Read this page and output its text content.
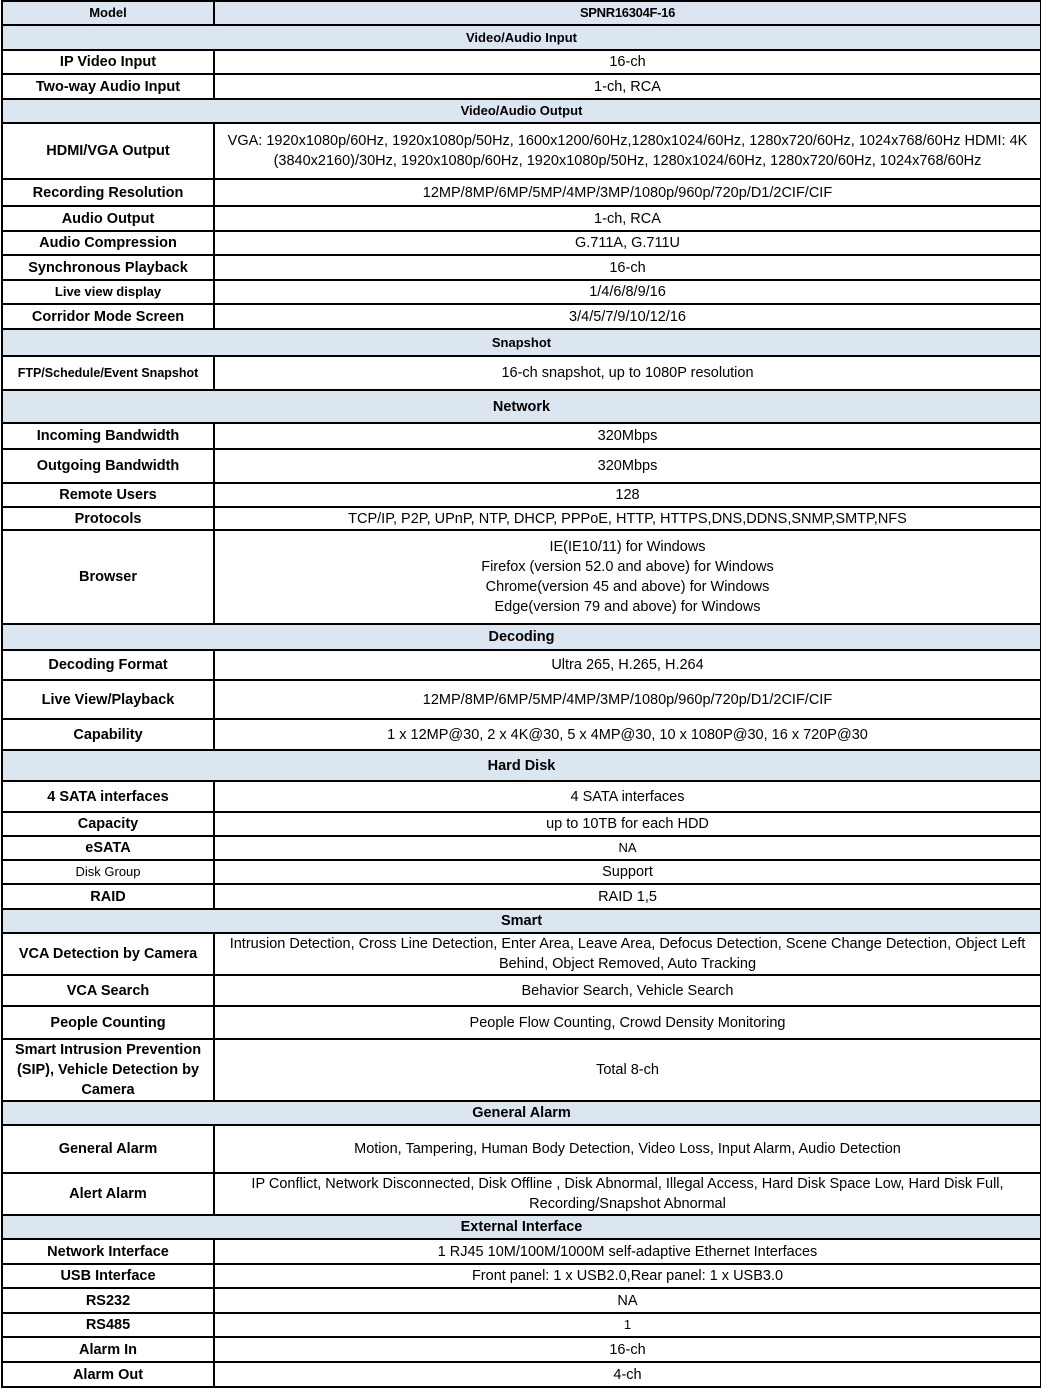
Model	SPNR16304F-16
Video/Audio Input	
IP Video Input	16-ch
Two-way Audio Input	1-ch, RCA
Video/Audio Output	
HDMI/VGA Output	VGA: 1920x1080p/60Hz, 1920x1080p/50Hz, 1600x1200/60Hz,1280x1024/60Hz, 1280x720/60Hz, 1024x768/60Hz HDMI: 4K (3840x2160)/30Hz, 1920x1080p/60Hz, 1920x1080p/50Hz, 1280x1024/60Hz, 1280x720/60Hz, 1024x768/60Hz
Recording Resolution	12MP/8MP/6MP/5MP/4MP/3MP/1080p/960p/720p/D1/2CIF/CIF
Audio Output	1-ch, RCA
Audio Compression	G.711A, G.711U
Synchronous Playback	16-ch
Live view display	1/4/6/8/9/16
Corridor Mode Screen	3/4/5/7/9/10/12/16
Snapshot	
FTP/Schedule/Event Snapshot	16-ch snapshot, up to 1080P resolution
Network	
Incoming Bandwidth	320Mbps
Outgoing Bandwidth	320Mbps
Remote Users	128
Protocols	TCP/IP, P2P, UPnP, NTP, DHCP, PPPoE, HTTP, HTTPS,DNS,DDNS,SNMP,SMTP,NFS
Browser	IE(IE10/11) for Windows
Firefox (version 52.0 and above) for Windows
Chrome(version 45 and above) for Windows
Edge(version 79 and above) for Windows

Decoding	
Decoding Format	Ultra 265, H.265, H.264
Live View/Playback	12MP/8MP/6MP/5MP/4MP/3MP/1080p/960p/720p/D1/2CIF/CIF
Capability	1 x 12MP@30, 2 x 4K@30, 5 x 4MP@30, 10 x 1080P@30, 16 x 720P@30
Hard Disk	
4 SATA interfaces	4 SATA interfaces
Capacity	up to 10TB for each HDD
eSATA	NA
Disk Group	Support
RAID	RAID 1,5
Smart	
VCA Detection by Camera	Intrusion Detection, Cross Line Detection, Enter Area, Leave Area, Defocus Detection, Scene Change Detection, Object Left Behind, Object Removed, Auto Tracking
VCA Search	Behavior Search, Vehicle Search
People Counting	People Flow Counting, Crowd Density Monitoring
Smart Intrusion Prevention (SIP), Vehicle Detection by Camera	Total 8-ch
General Alarm	
General Alarm	Motion, Tampering, Human Body Detection, Video Loss, Input Alarm, Audio Detection
Alert Alarm	IP Conflict, Network Disconnected, Disk Offline , Disk Abnormal, Illegal Access, Hard Disk Space Low, Hard Disk Full, Recording/Snapshot Abnormal
External Interface	
Network Interface	1 RJ45 10M/100M/1000M self-adaptive Ethernet Interfaces
USB Interface	Front panel: 1 x USB2.0,Rear panel: 1 x USB3.0
RS232	NA
RS485	1
Alarm In	16-ch
Alarm Out	4-ch
